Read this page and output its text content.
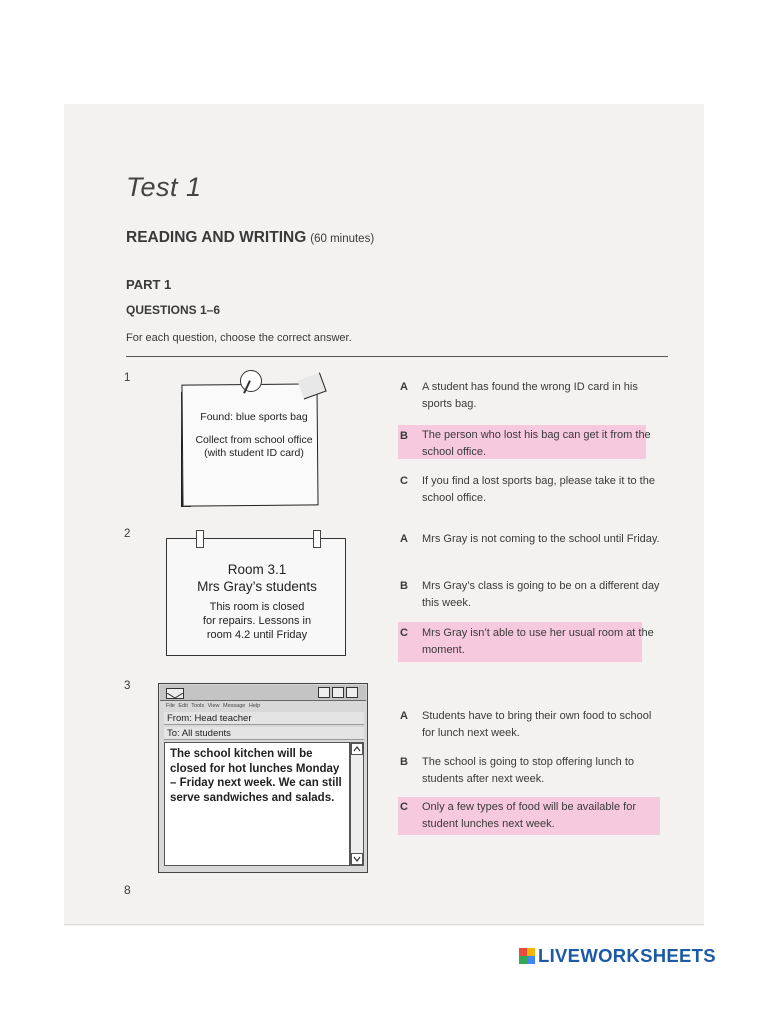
Test 1
READING AND WRITING (60 minutes)
PART 1
QUESTIONS 1–6
For each question, choose the correct answer.
1
Found: blue sports bag
Collect from school office
(with student ID card)
A A student has found the wrong ID card in his sports bag.
B The person who lost his bag can get it from the school office.
C If you find a lost sports bag, please take it to the school office.
2
Room 3.1
Mrs Gray’s students
This room is closed
for repairs. Lessons in
room 4.2 until Friday
A Mrs Gray is not coming to the school until Friday.
B Mrs Gray’s class is going to be on a different day this week.
C Mrs Gray isn’t able to use her usual room at the moment.
3
File Edit Tools View Message Help
From: Head teacher
To: All students
The school kitchen will be closed for hot lunches Monday – Friday next week. We can still serve sandwiches and salads.
A Students have to bring their own food to school for lunch next week.
B The school is going to stop offering lunch to students after next week.
C Only a few types of food will be available for student lunches next week.
8
LIVEWORKSHEETS
